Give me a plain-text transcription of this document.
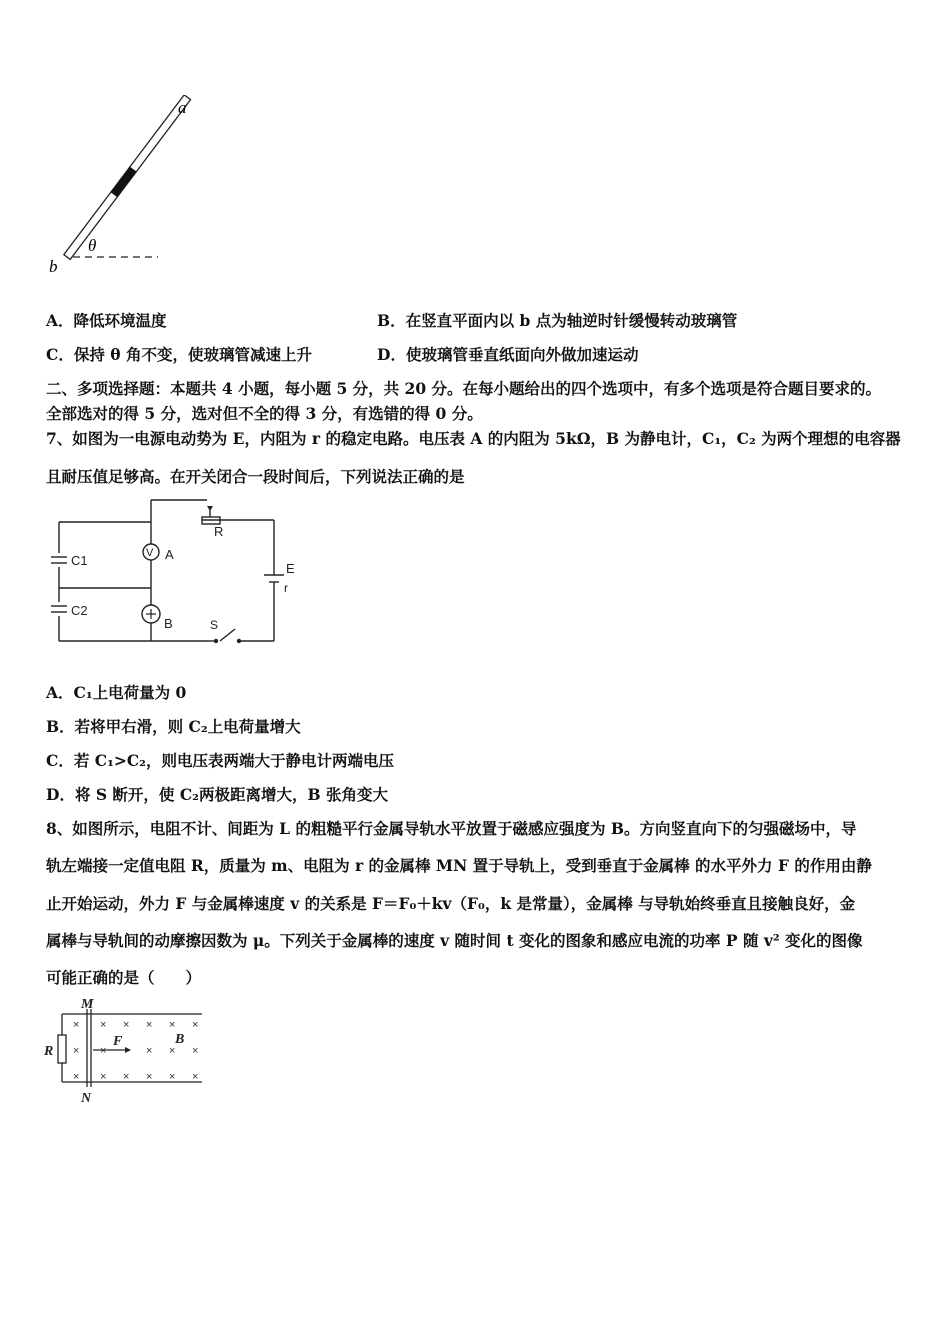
a
b
θ
A．降低环境温度	B．在竖直平面内以 b 点为轴逆时针缓慢转动玻璃管
C．保持 θ 角不变，使玻璃管减速上升	D．使玻璃管垂直纸面向外做加速运动
二、多项选择题：本题共 4 小题，每小题 5 分，共 20 分。在每小题给出的四个选项中，有多个选项是符合题目要求的。
全部选对的得 5 分，选对但不全的得 3 分，有选错的得 0 分。
7、如图为一电源电动势为 E，内阻为 r 的稳定电路。电压表 A 的内阻为 5kΩ，B 为静电计，C₁，C₂ 为两个理想的电容器
且耐压值足够高。在开关闭合一段时间后，下列说法正确的是
C1
C2
V A
B
R
E
r
S
A．C₁上电荷量为 0
B．若将甲右滑，则 C₂上电荷量增大
C．若 C₁>C₂，则电压表两端大于静电计两端电压
D．将 S 断开，使 C₂两极距离增大，B 张角变大
8、如图所示，电阻不计、间距为 L 的粗糙平行金属导轨水平放置于磁感应强度为 B。方向竖直向下的匀强磁场中，导
轨左端接一定值电阻 R，质量为 m、电阻为 r 的金属棒 MN 置于导轨上，受到垂直于金属棒 的水平外力 F 的作用由静
止开始运动，外力 F 与金属棒速度 v 的关系是 F＝F₀＋kv（F₀，k 是常量），金属棒 与导轨始终垂直且接触良好，金
属棒与导轨间的动摩擦因数为 μ。下列关于金属棒的速度 v 随时间 t 变化的图象和感应电流的功率 P 随 v² 变化的图像
可能正确的是（　　）
×
×
×
×
×
×
×
×
×
×
×
×
×
×
×
×
×
M
N
R
F	B
